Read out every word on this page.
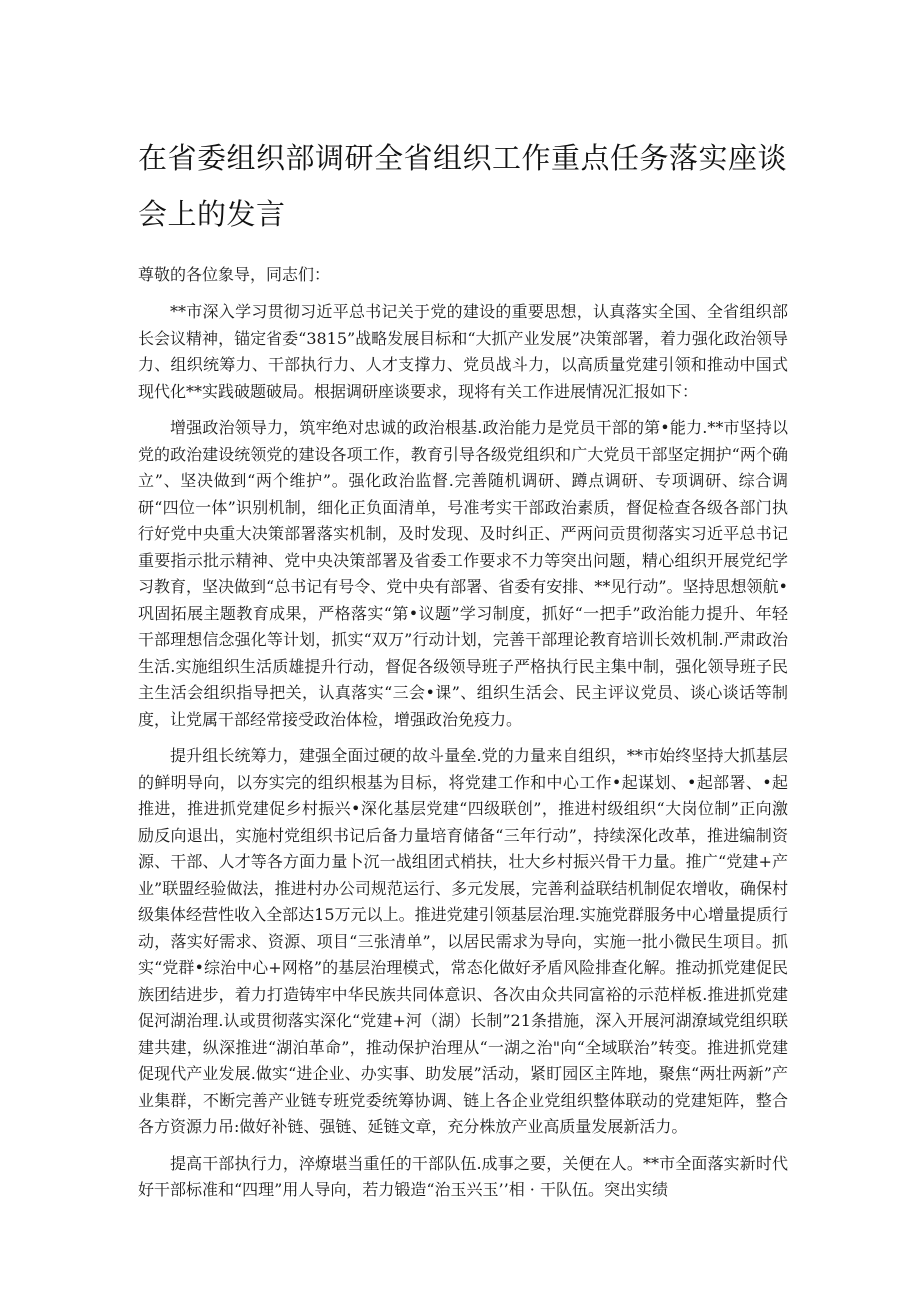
在省委组织部调研全省组织工作重点任务落实座谈会上的发言

尊敬的各位象导，同志们：

**市深入学习贯彻习近平总书记关于党的建设的重要思想，认真落实全国、全省组织部长会议精神，锚定省委“3815”战略发展目标和“大抓产业发展”决策部署，着力强化政治领导力、组织统筹力、干部执行力、人才支撑力、党员战斗力，以高质量党建引领和推动中国式现代化**实践破题破局。根据调研座谈要求，现将有关工作进展情况汇报如下：

增强政治领导力，筑牢绝对忠诚的政治根基.政治能力是党员干部的第•能力.**市坚持以党的政治建设统领党的建设各项工作，教育引导各级党组织和广大党员干部坚定拥护“两个确立”、坚决做到“两个维护”。强化政治监督.完善随机调研、蹲点调研、专项调研、综合调研“四位一体”识别机制，细化正负面清单，号准考实干部政治素质，督促检查各级各部门执行好党中央重大决策部署落实机制，及时发现、及时纠正、严两问贡贯彻落实习近平总书记重要指示批示精神、党中央决策部署及省委工作要求不力等突出问题，精心组织开展党纪学习教育，坚决做到“总书记有号令、党中央有部署、省委有安排、**见行动”。坚持思想领航•巩固拓展主题教育成果，严格落实“第•议题”学习制度，抓好“一把手”政治能力提升、年轻干部理想信念强化等计划，抓实“双万”行动计划，完善干部理论教育培训长效机制.严肃政治生活.实施组织生活质雄提升行动，督促各级领导班子严格执行民主集中制，强化领导班子民主生活会组织指导把关，认真落实“三会•课”、组织生活会、民主评议党员、谈心谈话等制度，让党属干部经常接受政治体检，增强政治免疫力。

提升组长统筹力，建强全面过硬的故斗量垒.党的力量来自组织，**市始终坚持大抓基层的鲜明导向，以夯实完的组织根基为目标，将党建工作和中心工作•起谋划、•起部署、•起推进，推进抓党建促乡村振兴•深化基层党建“四级联创”，推进村级组织“大岗位制”正向激励反向退出，实施村党组织书记后备力量培育储备“三年行动”，持续深化改革，推进编制资源、干部、人才等各方面力量卜沉一战组团式梢扶，壮大乡村振兴骨干力量。推广“党建+产业”联盟经验做法，推进村办公司规范运行、多元发展，完善利益联结机制促农增收，确保村级集体经营性收入全部达15万元以上。推进党建引领基层治理.实施党群服务中心增量提质行动，落实好需求、资源、项目“三张清单”，以居民需求为导向，实施一批小微民生项目。抓实“党群•综治中心+网格”的基层治理模式，常态化做好矛盾风险排查化解。推动抓党建促民族团结进步，着力打造铸牢中华民族共同体意识、各次由众共同富裕的示范样板.推进抓党建促河湖治理.认或贯彻落实深化“党建+河（湖）长制”21条措施，深入开展河湖潦域党组织联建共建，纵深推进“湖泊革命”，推动保护治理从“一湖之治"向“全域联治”转变。推进抓党建促现代产业发展.做实“进企业、办实事、助发展”活动，紧盯园区主阵地，聚焦“两壮两新”产业集群，不断完善产业链专班党委统筹协调、链上各企业党组织整体联动的党建矩阵，整合各方资源力吊:做好补链、强链、延链文章，充分株放产业高质量发展新活力。

提高干部执行力，淬燎堪当重任的干部队伍.成事之要，关便在人。**市全面落实新时代好干部标准和“四理”用人导向，若力锻造“治玉兴玉’’相 · 干队伍。突出实绩
